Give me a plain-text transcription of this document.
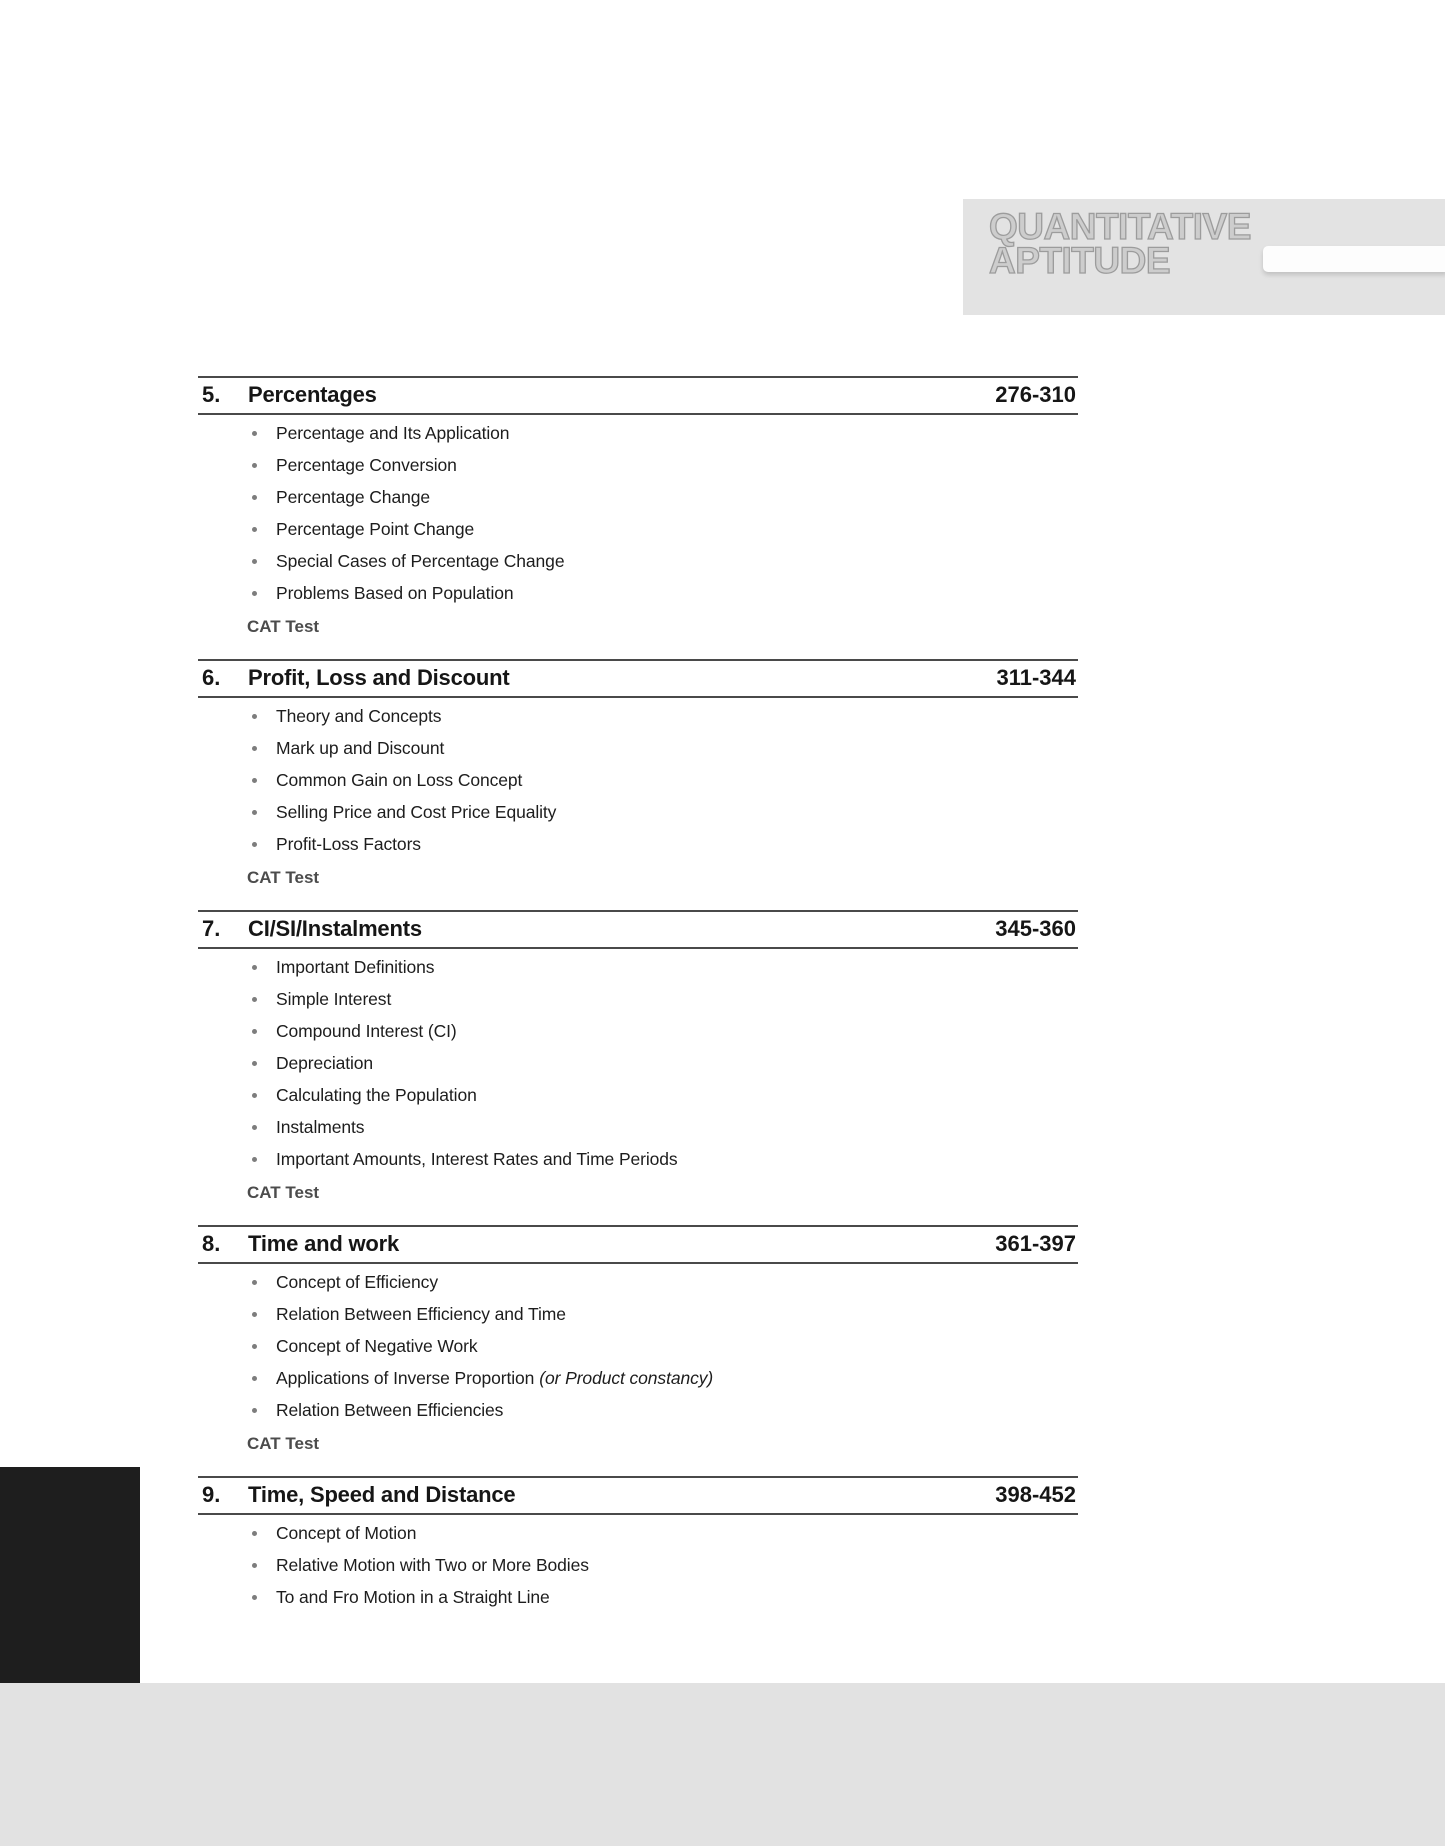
QUANTITATIVE
APTITUDE
5.	Percentages	276-310
Percentage and Its Application
Percentage Conversion
Percentage Change
Percentage Point Change
Special Cases of Percentage Change
Problems Based on Population
CAT Test
6.	Profit, Loss and Discount	311-344
Theory and Concepts
Mark up and Discount
Common Gain on Loss Concept
Selling Price and Cost Price Equality
Profit-Loss Factors
CAT Test
7.	CI/SI/Instalments	345-360
Important Definitions
Simple Interest
Compound Interest (CI)
Depreciation
Calculating the Population
Instalments
Important Amounts, Interest Rates and Time Periods
CAT Test
8.	Time and work	361-397
Concept of Efficiency
Relation Between Efficiency and Time
Concept of Negative Work
Applications of Inverse Proportion (or Product constancy)
Relation Between Efficiencies
CAT Test
9.	Time, Speed and Distance	398-452
Concept of Motion
Relative Motion with Two or More Bodies
To and Fro Motion in a Straight Line
